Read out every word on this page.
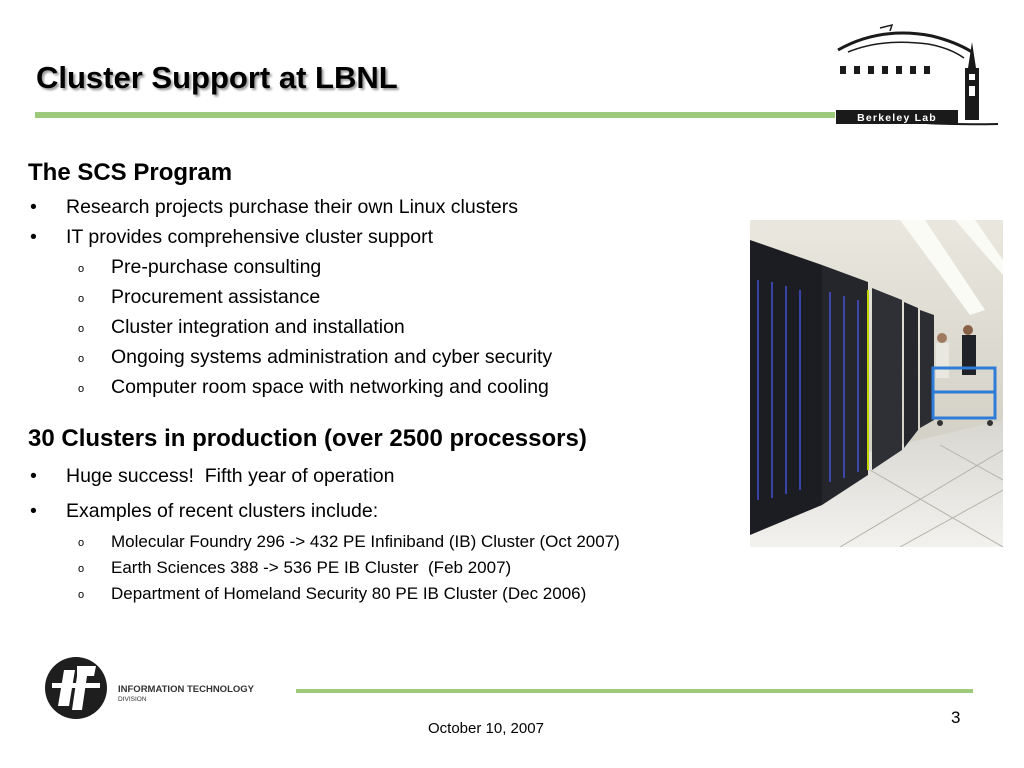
Cluster Support at LBNL
Berkeley Lab
The SCS Program
• Research projects purchase their own Linux clusters
• IT provides comprehensive cluster support
o Pre-purchase consulting
o Procurement assistance
o Cluster integration and installation
o Ongoing systems administration and cyber security
o Computer room space with networking and cooling
30 Clusters in production (over 2500 processors)
• Huge success!  Fifth year of operation
• Examples of recent clusters include:
o Molecular Foundry 296 -> 432 PE Infiniband (IB) Cluster (Oct 2007)
o Earth Sciences 388 -> 536 PE IB Cluster  (Feb 2007)
o Department of Homeland Security 80 PE IB Cluster (Dec 2006)
INFORMATION TECHNOLOGY
DIVISION
October 10, 2007
3
